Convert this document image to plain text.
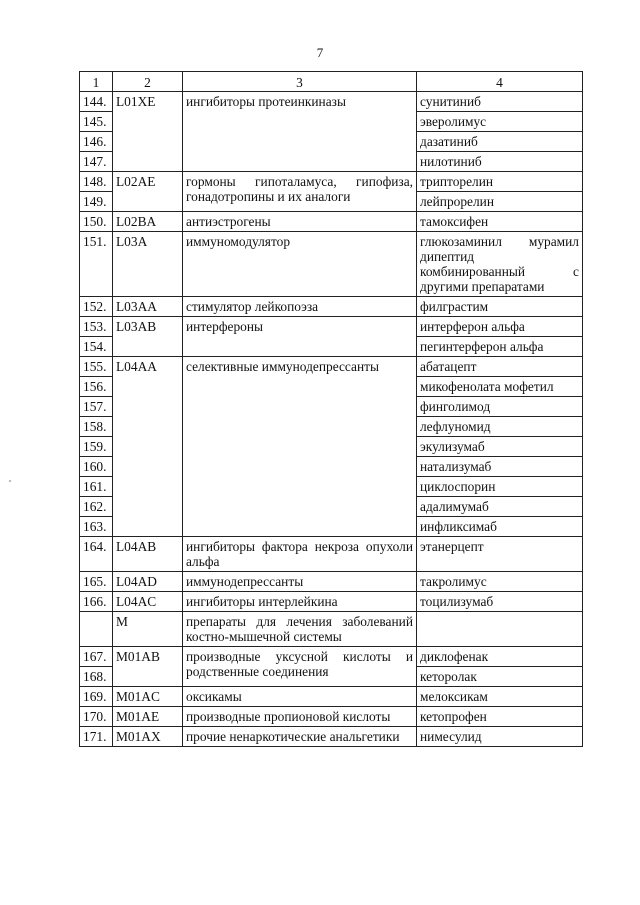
7
1	2	3	4
144.	L01XE	ингибиторы протеинкиназы	сунитиниб
145.			эверолимус
146.			дазатиниб
147.			нилотиниб
148.	L02AE	гормоны гипоталамуса, гипофиза, гонадотропины и их аналоги	трипторелин
149.			лейпрорелин
150.	L02BA	антиэстрогены	тамоксифен
151.	L03A	иммуномодулятор	глюкозаминил мурамил дипептид комбинированный с другими препаратами
152.	L03AA	стимулятор лейкопоэза	филграстим
153.	L03AB	интерфероны	интерферон альфа
154.			пегинтерферон альфа
155.	L04AA	селективные иммунодепрессанты	абатацепт
156.			микофенолата мофетил
157.			финголимод
158.			лефлуномид
159.			экулизумаб
160.			натализумаб
161.			циклоспорин
162.			адалимумаб
163.			инфликсимаб
164.	L04AB	ингибиторы фактора некроза опухоли альфа	этанерцепт
165.	L04AD	иммунодепрессанты	такролимус
166.	L04AC	ингибиторы интерлейкина	тоцилизумаб
	M	препараты для лечения заболеваний костно-мышечной системы	
167.	M01AB	производные уксусной кислоты и родственные соединения	диклофенак
168.			кеторолак
169.	M01AC	оксикамы	мелоксикам
170.	M01AE	производные пропионовой кислоты	кетопрофен
171.	M01AX	прочие ненаркотические анальгетики	нимесулид
